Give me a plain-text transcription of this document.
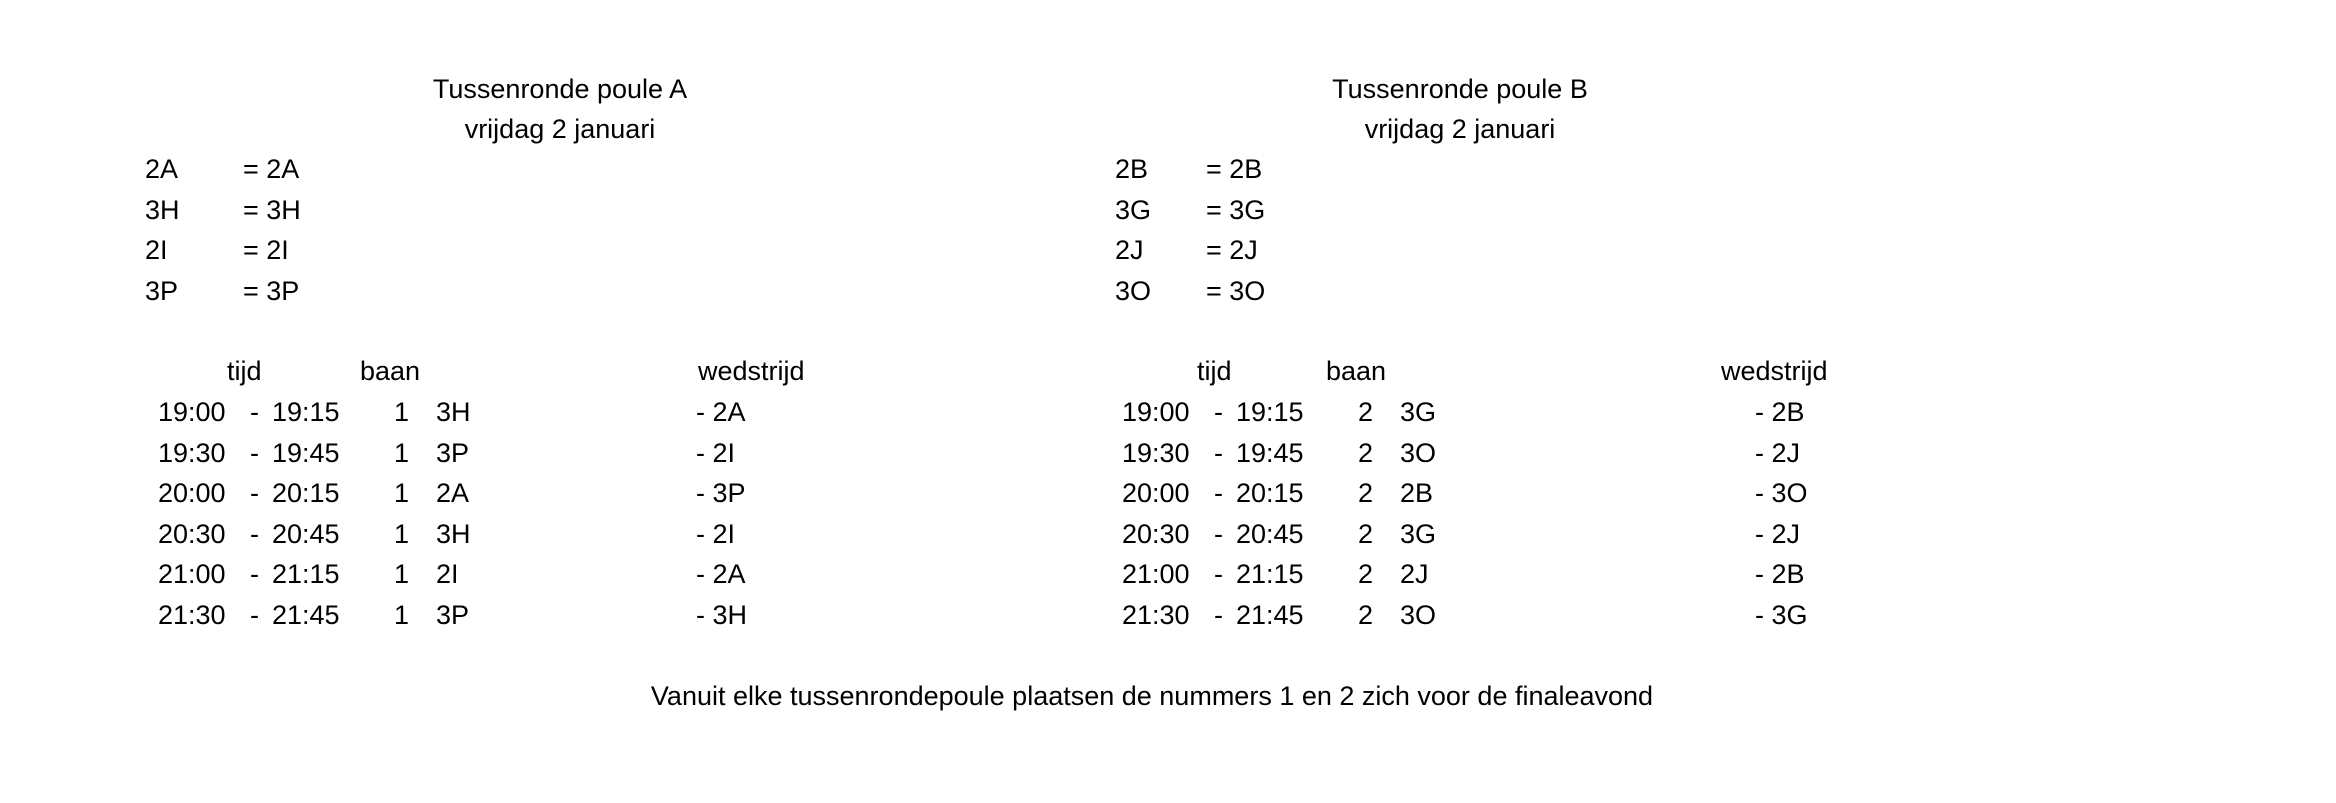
Tussenronde poule A
vrijdag 2 januari
2A = 2A
3H = 3H
2I	= 2I
3P = 3P
tijd	baan	wedstrijd
19:00 - 19:15 1 3H	- 2A
19:30 - 19:45 1 3P	- 2I
20:00 - 20:15 1 2A	- 3P
20:30 - 20:45 1 3H	- 2I
21:00 - 21:15 1 2I	- 2A
21:30 - 21:45 1 3P	- 3H
Tussenronde poule B
vrijdag 2 januari
2B = 2B
3G = 3G
2J = 2J
3O = 3O
tijd	baan	wedstrijd
19:00 - 19:15 2 3G	- 2B
19:30 - 19:45 2 3O	- 2J
20:00 - 20:15 2 2B	- 3O
20:30 - 20:45 2 3G	- 2J
21:00 - 21:15 2 2J	- 2B
21:30 - 21:45 2 3O	- 3G
Vanuit elke tussenrondepoule plaatsen de nummers 1 en 2 zich voor de finaleavond
